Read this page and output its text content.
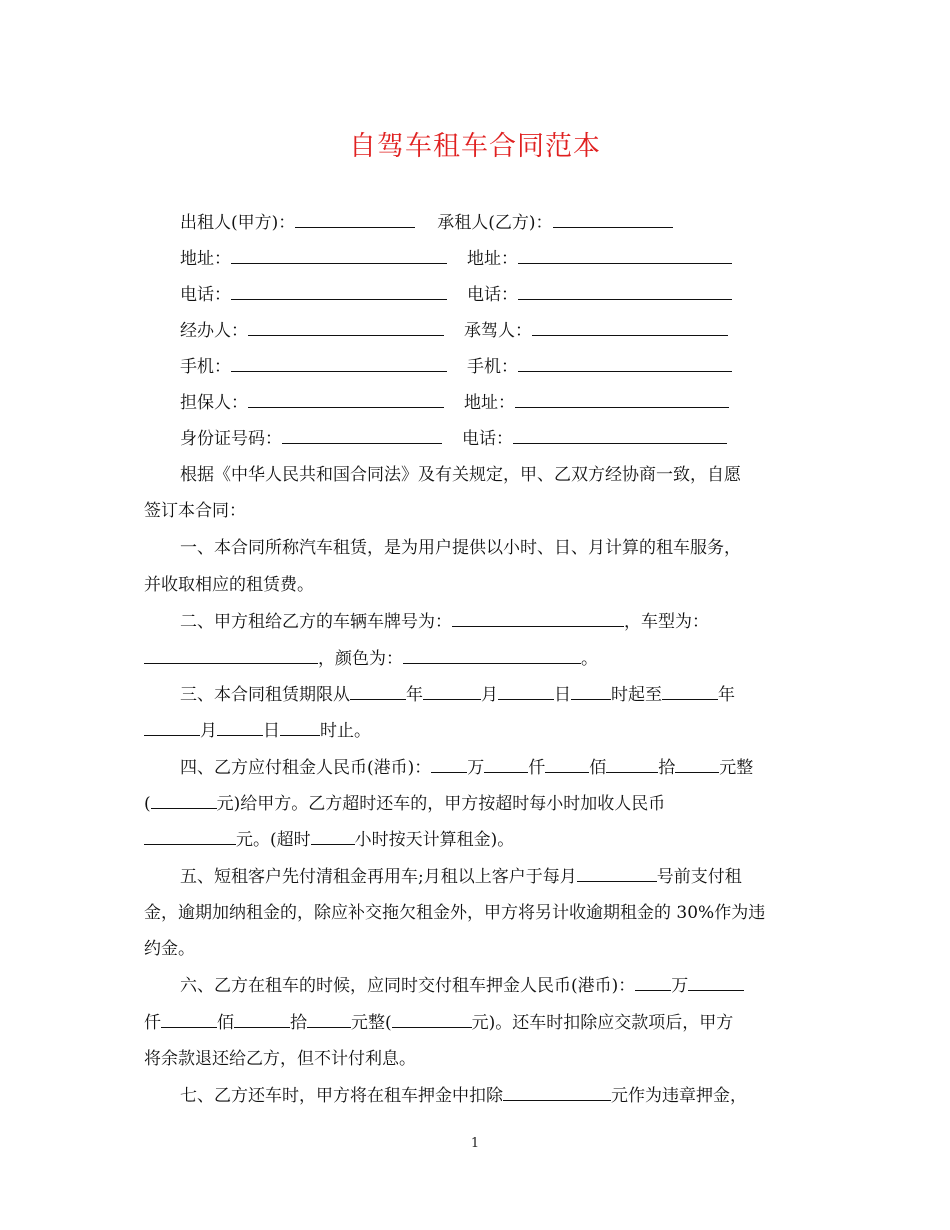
自驾车租车合同范本
出租人(甲方)：	承租人(乙方)：
地址：	地址：
电话：	电话：
经办人：	承驾人：
手机：	手机：
担保人：	地址：
身份证号码：	电话：
根据《中华人民共和国合同法》及有关规定，甲、乙双方经协商一致，自愿
签订本合同：
一、本合同所称汽车租赁，是为用户提供以小时、日、月计算的租车服务，
并收取相应的租赁费。
二、甲方租给乙方的车辆车牌号为：	，车型为：
，颜色为：	。
三、本合同租赁期限从	年	月	日 时起至	年
月	日 时止。
四、乙方应付租金人民币(港币)： 万	仟	佰	拾	元整
(	元)给甲方。乙方超时还车的，甲方按超时每小时加收人民币
元。(超时	小时按天计算租金)。
五、短租客户先付清租金再用车;月租以上客户于每月	号前支付租
金，逾期加纳租金的，除应补交拖欠租金外，甲方将另计收逾期租金的 30%作为违
约金。
六、乙方在租车的时候，应同时交付租车押金人民币(港币)： 万
仟	佰	拾	元整(	元)。还车时扣除应交款项后，甲方
将余款退还给乙方，但不计付利息。
七、乙方还车时，甲方将在租车押金中扣除	元作为违章押金，
1
